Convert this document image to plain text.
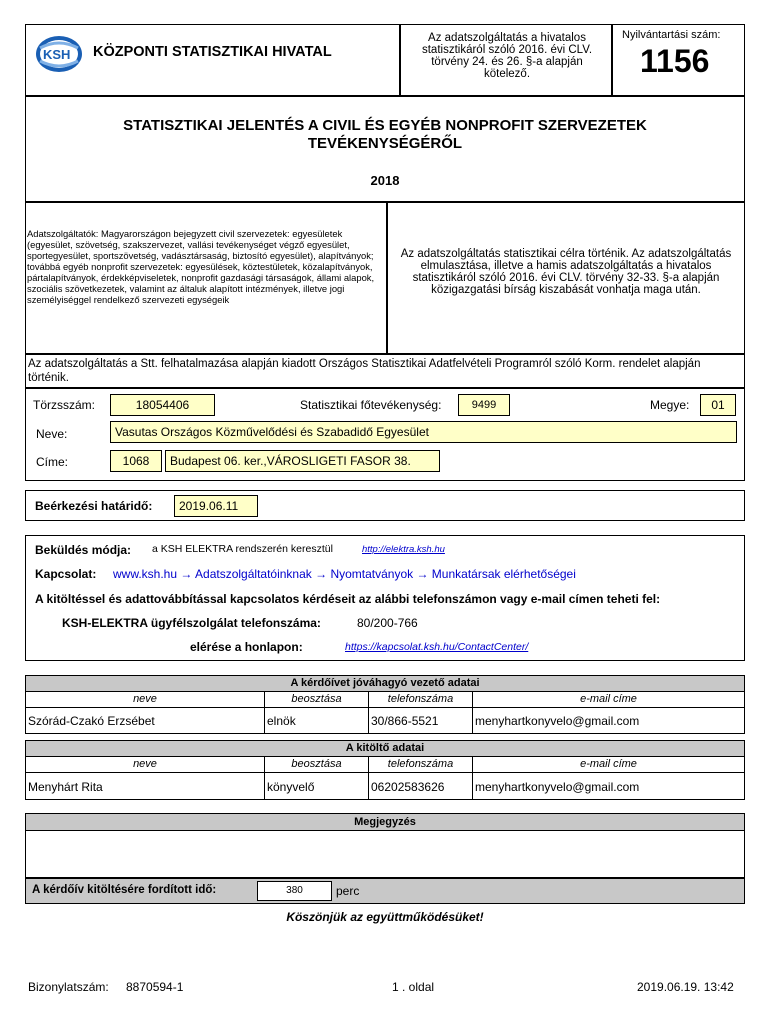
KSH KÖZPONTI STATISZTIKAI HIVATAL
Az adatszolgáltatás a hivatalos statisztikáról szóló 2016. évi CLV. törvény 24. és 26. §-a alapján kötelező.
Nyilvántartási szám:
1156
STATISZTIKAI JELENTÉS A CIVIL ÉS EGYÉB NONPROFIT SZERVEZETEK
TEVÉKENYSÉGÉRŐL
2018
Adatszolgáltatók: Magyarországon bejegyzett civil szervezetek: egyesületek (egyesület, szövetség, szakszervezet, vallási tevékenységet végző egyesület, sportegyesület, sportszövetség, vadásztársaság, biztosító egyesület), alapítványok; továbbá egyéb nonprofit szervezetek: egyesülések, köztestületek, közalapítványok, pártalapítványok, érdekképviseletek, nonprofit gazdasági társaságok, állami alapok, szociális szövetkezetek, valamint az általuk alapított intézmények, illetve jogi személyiséggel rendelkező szervezeti egységeik
Az adatszolgáltatás statisztikai célra történik. Az adatszolgáltatás elmulasztása, illetve a hamis adatszolgáltatás a hivatalos statisztikáról szóló 2016. évi CLV. törvény 32-33. §-a alapján közigazgatási bírság kiszabását vonhatja maga után.
Az adatszolgáltatás a Stt. felhatalmazása alapján kiadott Országos Statisztikai Adatfelvételi Programról szóló Korm. rendelet alapján történik.
Törzsszám:	18054406	Statisztikai főtevékenység:	9499	Megye:	01
Neve:	Vasutas Országos Közművelődési és Szabadidő Egyesület
Címe:	1068	Budapest 06. ker.,VÁROSLIGETI FASOR 38.
Beérkezési határidő:	2019.06.11
Beküldés módja: a KSH ELEKTRA rendszerén keresztül	http://elektra.ksh.hu
Kapcsolat: www.ksh.hu → Adatszolgáltatóinknak → Nyomtatványok → Munkatársak elérhetőségei
A kitöltéssel és adattovábbítással kapcsolatos kérdéseit az alábbi telefonszámon vagy e-mail címen teheti fel:
KSH-ELEKTRA ügyfélszolgálat telefonszáma:	80/200-766
elérése a honlapon:	https://kapcsolat.ksh.hu/ContactCenter/
A kérdőívet jóváhagyó vezető adatai
neve	beosztása	telefonszáma	e-mail címe
Szórád-Czakó Erzsébet	elnök	30/866-5521	menyhartkonyvelo@gmail.com
A kitöltő adatai
neve	beosztása	telefonszáma	e-mail címe
Menyhárt Rita	könyvelő	06202583626	menyhartkonyvelo@gmail.com
Megjegyzés
A kérdőív kitöltésére fordított idő:	380	perc
Köszönjük az együttműködésüket!
Bizonylatszám: 8870594-1	1 . oldal	2019.06.19. 13:42
